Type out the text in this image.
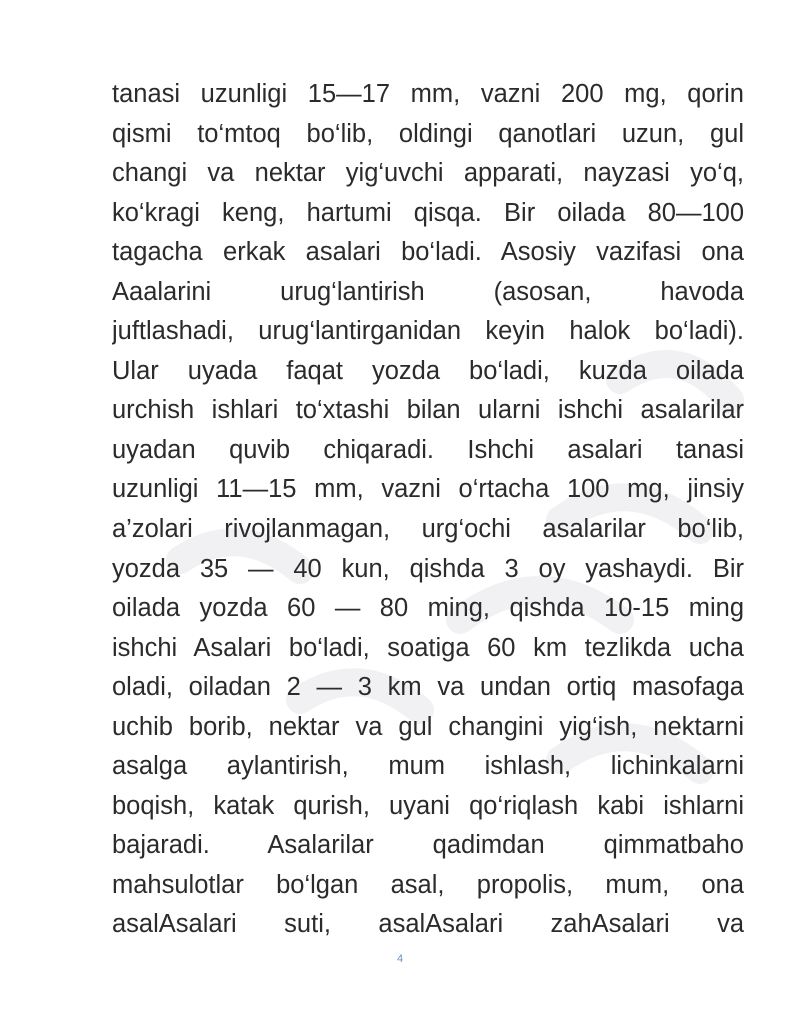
tanasi uzunligi 15—17 mm, vazni 200 mg, qorin
qismi to‘mtoq bo‘lib, oldingi qanotlari uzun, gul
changi va nektar yig‘uvchi apparati, nayzasi yo‘q,
ko‘kragi keng, hartumi qisqa. Bir oilada 80—100
tagacha erkak asalari bo‘ladi. Asosiy vazifasi ona
Aaalarini urug‘lantirish (asosan, havoda
juftlashadi, urug‘lantirganidan keyin halok bo‘ladi).
Ular uyada faqat yozda bo‘ladi, kuzda oilada
urchish ishlari to‘xtashi bilan ularni ishchi asalarilar
uyadan quvib chiqaradi. Ishchi asalari tanasi
uzunligi 11—15 mm, vazni o‘rtacha 100 mg, jinsiy
a’zolari rivojlanmagan, urg‘ochi asalarilar bo‘lib,
yozda 35 — 40 kun, qishda 3 oy yashaydi. Bir
oilada yozda 60 — 80 ming, qishda 10-15 ming
ishchi Asalari bo‘ladi, soatiga 60 km tezlikda ucha
oladi, oiladan 2 — 3 km va undan ortiq masofaga
uchib borib, nektar va gul changini yig‘ish, nektarni
asalga aylantirish, mum ishlash, lichinkalarni
boqish, katak qurish, uyani qo‘riqlash kabi ishlarni
bajaradi. Asalarilar qadimdan qimmatbaho
mahsulotlar bo‘lgan asal, propolis, mum, ona
asalAsalari suti, asalAsalari zahAsalari va
4
